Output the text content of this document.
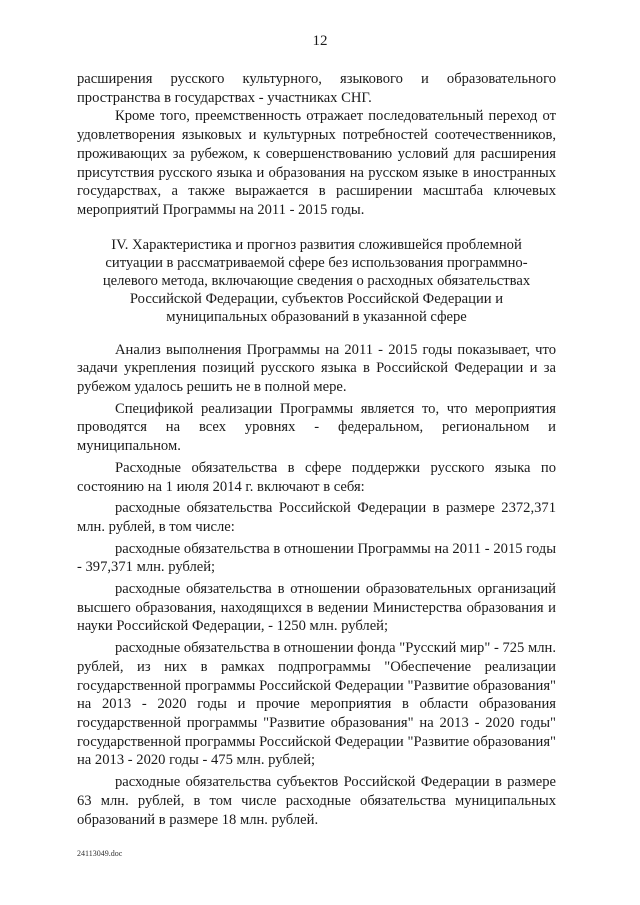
12

расширения русского культурного, языкового и образовательного пространства в государствах - участниках СНГ.

Кроме того, преемственность отражает последовательный переход от удовлетворения языковых и культурных потребностей соотечественников, проживающих за рубежом, к совершенствованию условий для расширения присутствия русского языка и образования на русском языке в иностранных государствах, а также выражается в расширении масштаба ключевых мероприятий Программы на 2011 - 2015 годы.

IV. Характеристика и прогноз развития сложившейся проблемной
ситуации в рассматриваемой сфере без использования программно-
целевого метода, включающие сведения о расходных обязательствах
Российской Федерации, субъектов Российской Федерации и
муниципальных образований в указанной сфере

Анализ выполнения Программы на 2011 - 2015 годы показывает, что задачи укрепления позиций русского языка в Российской Федерации и за рубежом удалось решить не в полной мере.

Спецификой реализации Программы является то, что мероприятия проводятся на всех уровнях - федеральном, региональном и муниципальном.

Расходные обязательства в сфере поддержки русского языка по состоянию на 1 июля 2014 г. включают в себя:

расходные обязательства Российской Федерации в размере 2372,371 млн. рублей, в том числе:

расходные обязательства в отношении Программы на 2011 - 2015 годы - 397,371 млн. рублей;

расходные обязательства в отношении образовательных организаций высшего образования, находящихся в ведении Министерства образования и науки Российской Федерации, - 1250 млн. рублей;

расходные обязательства в отношении фонда "Русский мир" - 725 млн. рублей, из них в рамках подпрограммы "Обеспечение реализации государственной программы Российской Федерации "Развитие образования" на 2013 - 2020 годы и прочие мероприятия в области образования государственной программы "Развитие образования" на 2013 - 2020 годы" государственной программы Российской Федерации "Развитие образования" на 2013 - 2020 годы - 475 млн. рублей;

расходные обязательства субъектов Российской Федерации в размере 63 млн. рублей, в том числе расходные обязательства муниципальных образований в размере 18 млн. рублей.

24113049.doc
